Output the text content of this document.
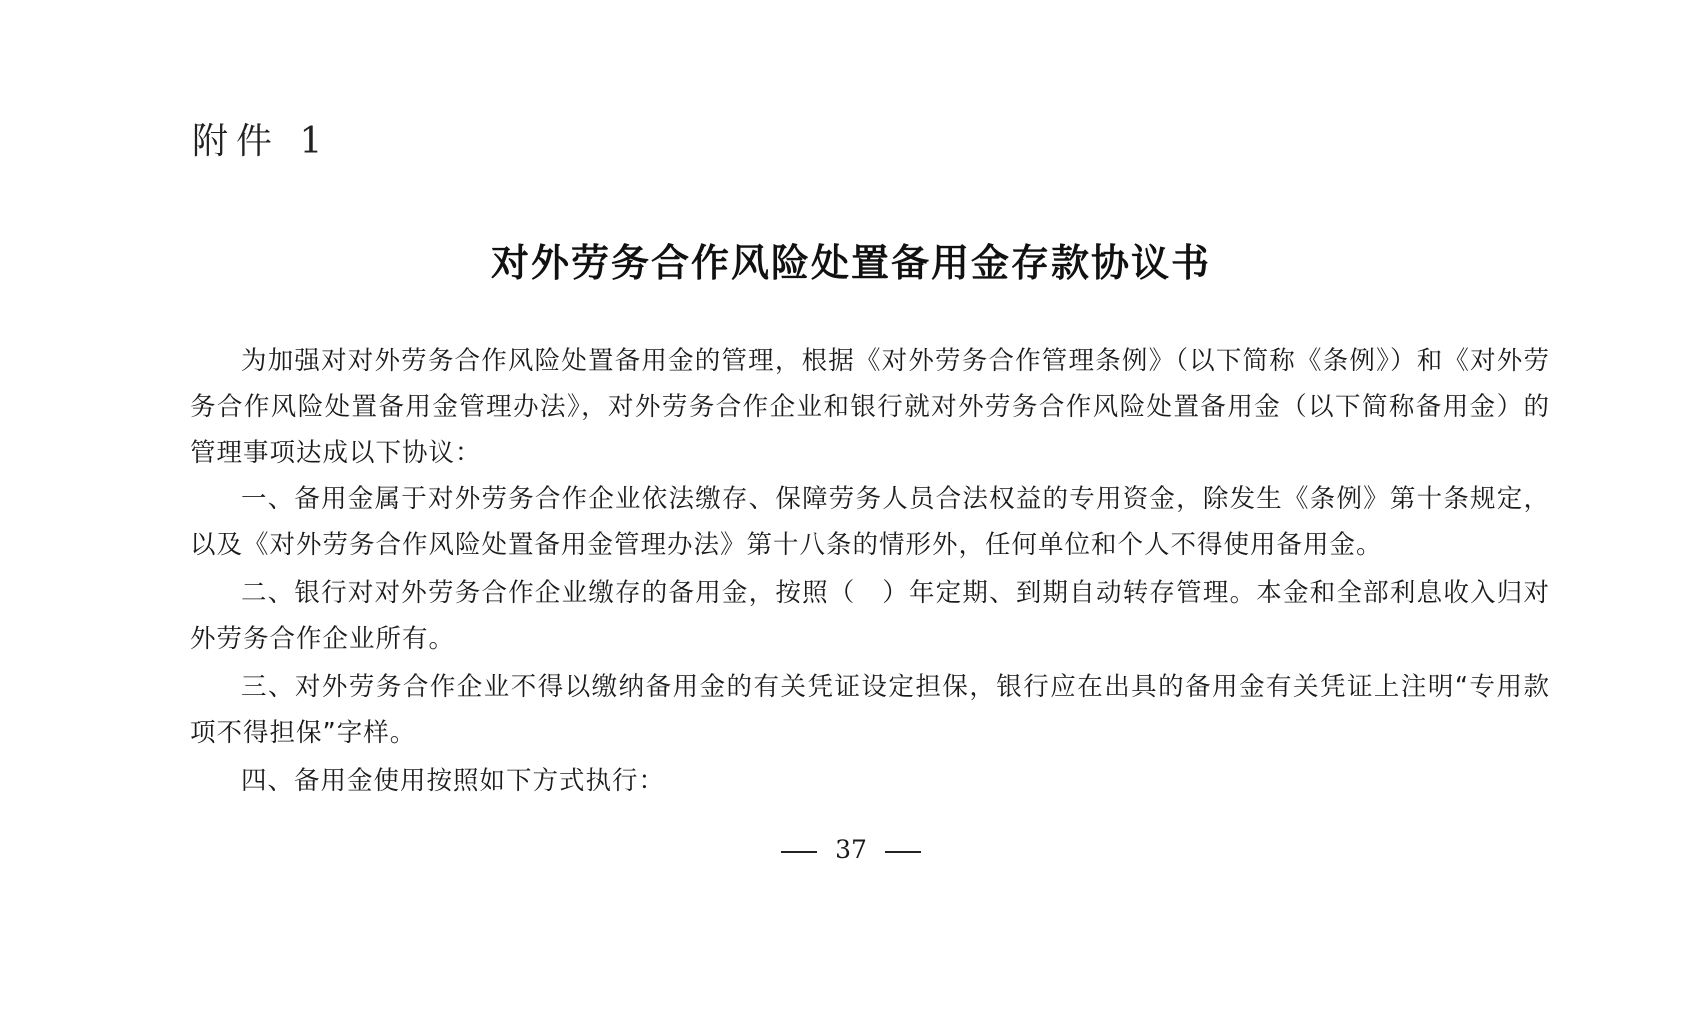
附件 1
对外劳务合作风险处置备用金存款协议书

为加强对对外劳务合作风险处置备用金的管理，根据《对外劳务合作管理条例》（以下简称《条例》）和《对外劳务合作风险处置备用金管理办法》，对外劳务合作企业和银行就对外劳务合作风险处置备用金（以下简称备用金）的管理事项达成以下协议：

一、备用金属于对外劳务合作企业依法缴存、保障劳务人员合法权益的专用资金，除发生《条例》第十条规定，以及《对外劳务合作风险处置备用金管理办法》第十八条的情形外，任何单位和个人不得使用备用金。

二、银行对对外劳务合作企业缴存的备用金，按照（　）年定期、到期自动转存管理。本金和全部利息收入归对外劳务合作企业所有。

三、对外劳务合作企业不得以缴纳备用金的有关凭证设定担保，银行应在出具的备用金有关凭证上注明“专用款项不得担保”字样。

四、备用金使用按照如下方式执行：

37
